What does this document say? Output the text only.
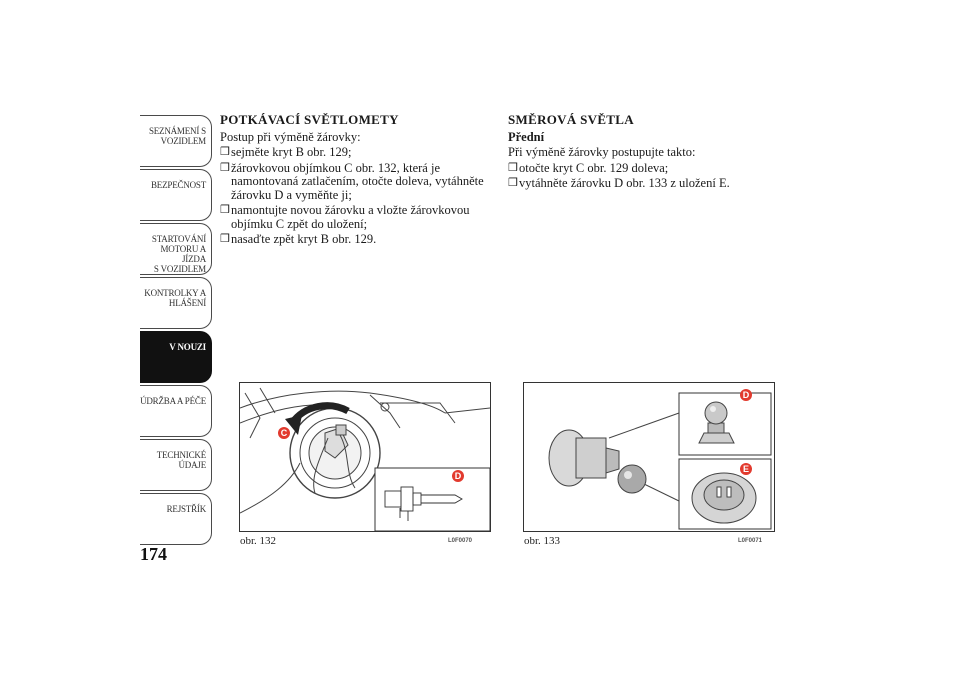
SEZNÁMENÍ S
VOZIDLEM
BEZPEČNOST
STARTOVÁNÍ
MOTORU A JÍZDA
S VOZIDLEM
KONTROLKY A
HLÁŠENÍ
V NOUZI
ÚDRŽBA A PÉČE
TECHNICKÉ
ÚDAJE
REJSTŘÍK
174
POTKÁVACÍ SVĚTLOMETY
Postup při výměně žárovky:
❒ sejměte kryt B obr. 129;
❒ žárovkovou objímkou C obr. 132, která je namontovaná zatlačením, otočte doleva, vytáhněte žárovku D a vyměňte ji;
❒ namontujte novou žárovku a vložte žárovkovou objímku C zpět do uložení;
❒ nasaďte zpět kryt B obr. 129.
SMĚROVÁ SVĚTLA
Přední
Při výměně žárovky postupujte takto:
❒ otočte kryt C obr. 129 doleva;
❒ vytáhněte žárovku D obr. 133 z uložení E.
C
D
obr. 132	L0F0070
D
E
obr. 133	L0F0071
